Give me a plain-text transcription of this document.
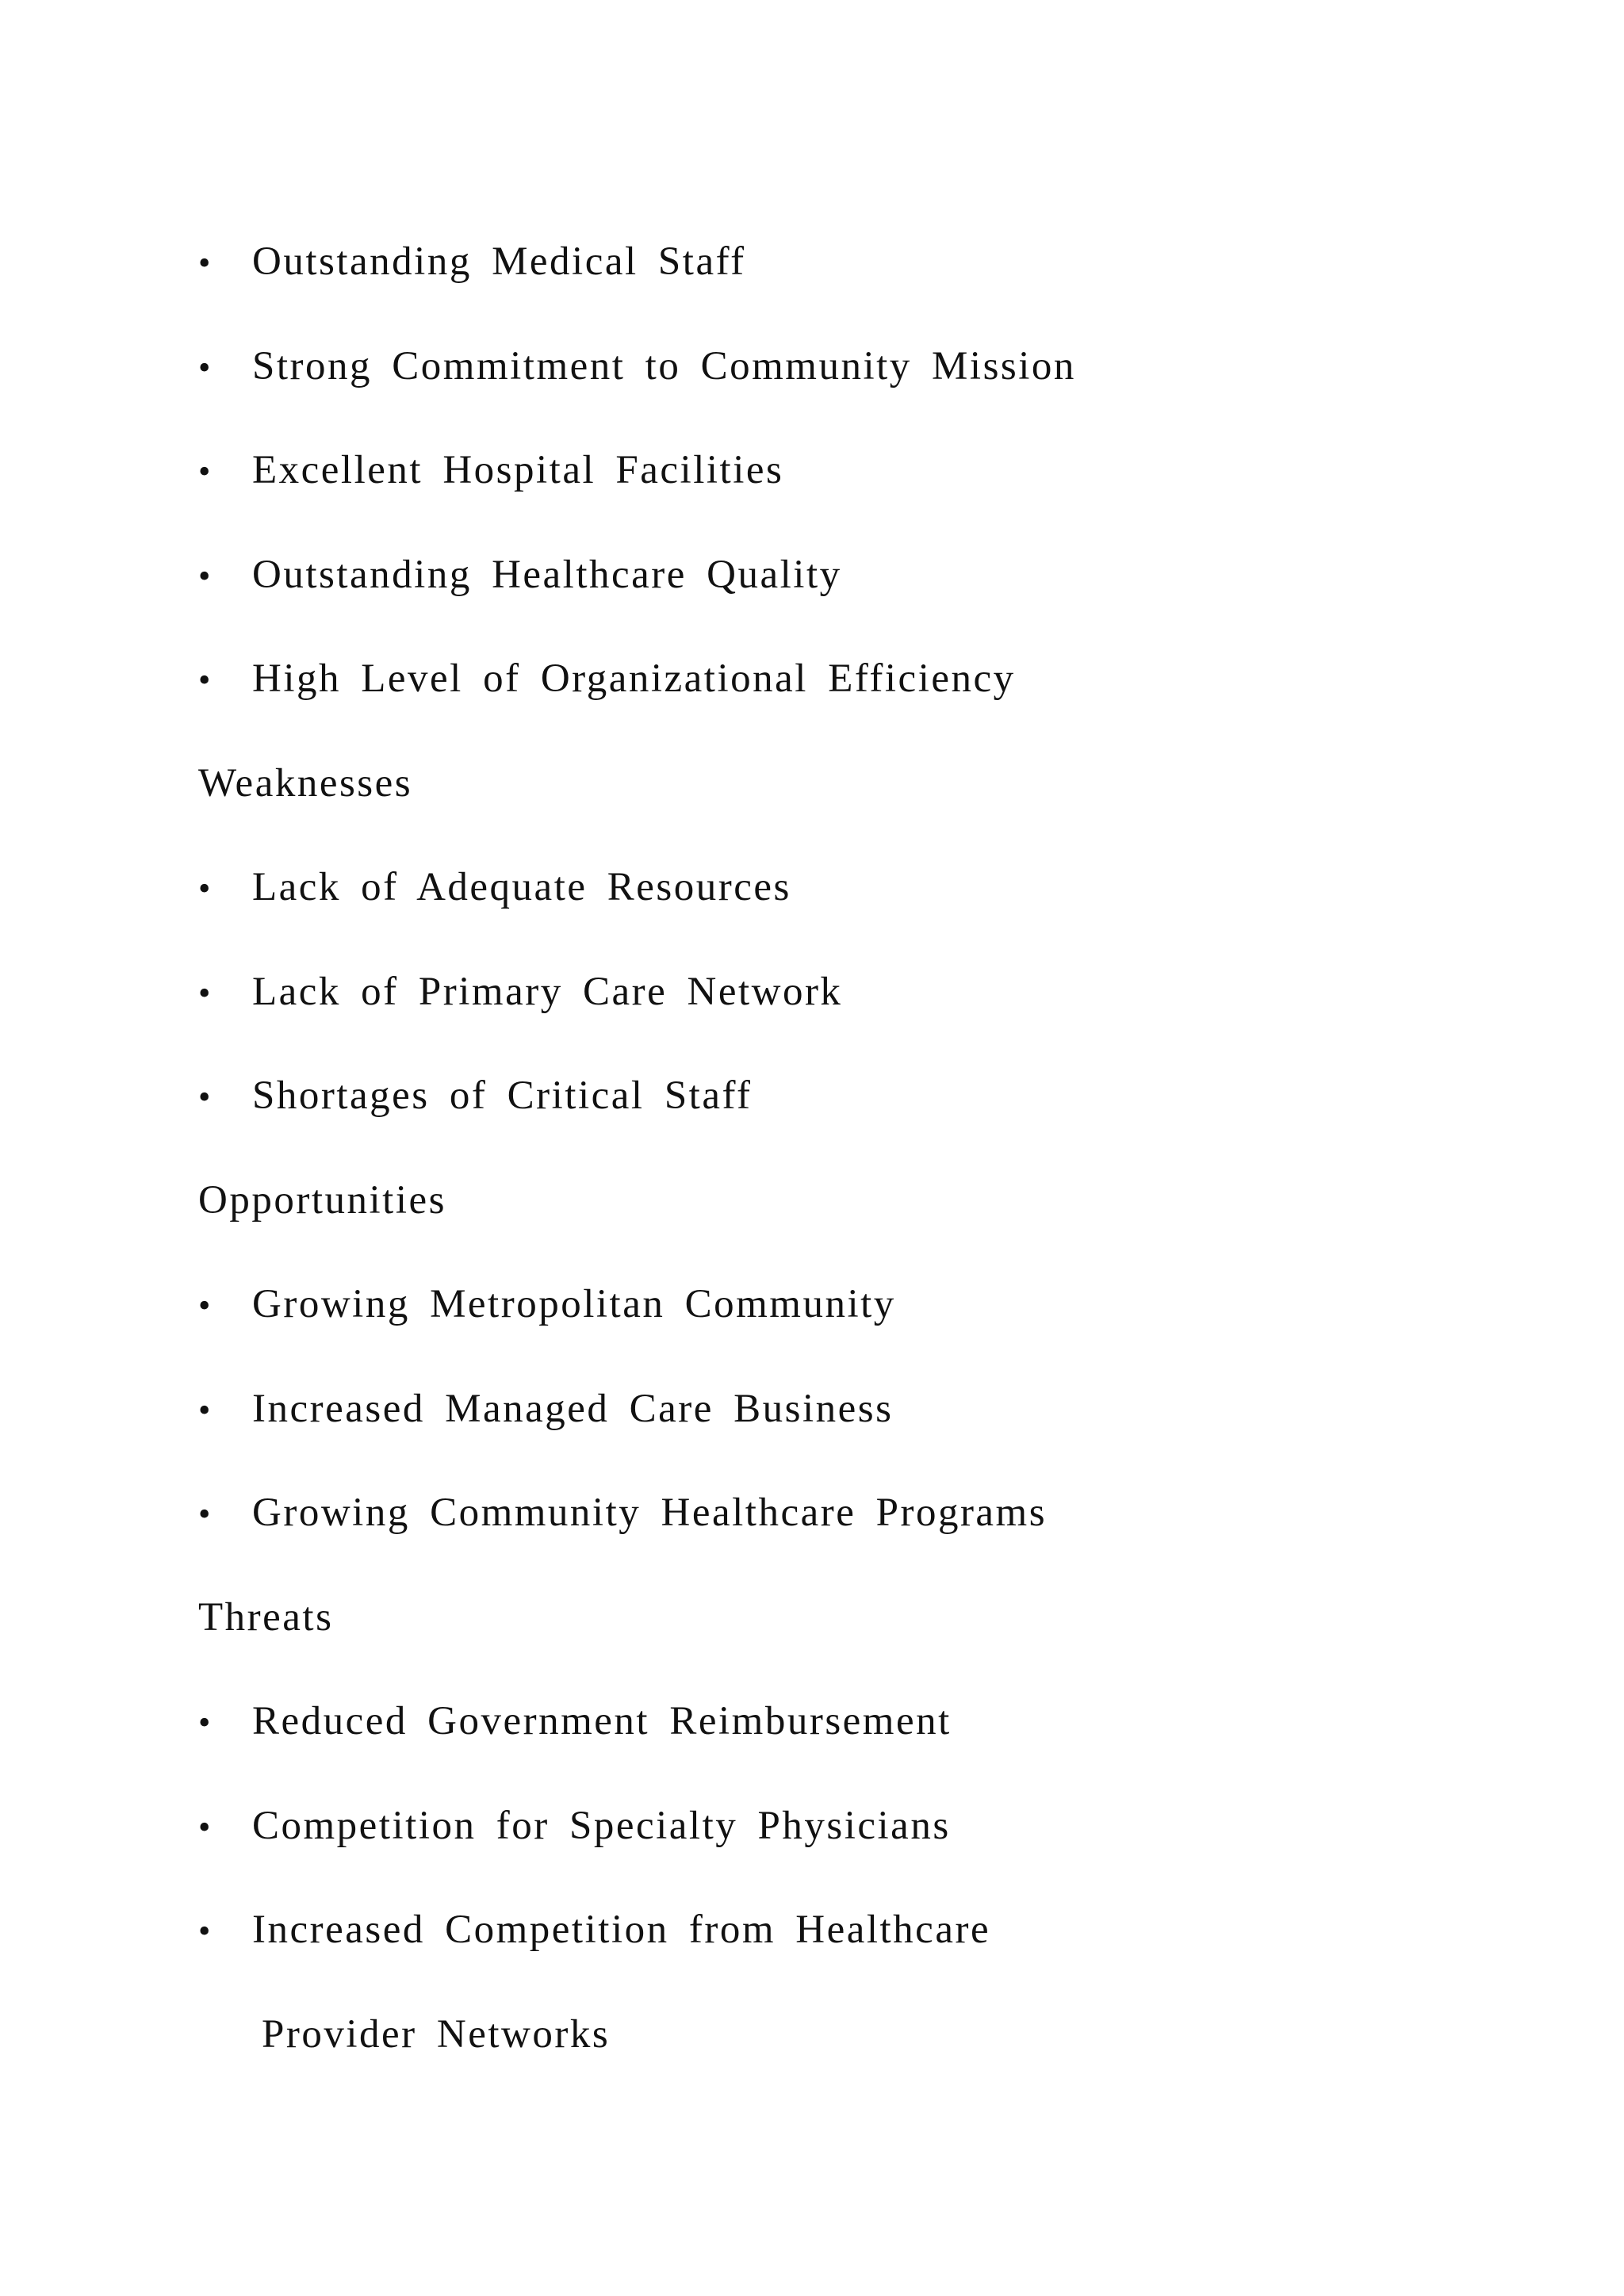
• Outstanding Medical Staff
• Strong Commitment to Community Mission
• Excellent Hospital Facilities
• Outstanding Healthcare Quality
• High Level of Organizational Efficiency
Weaknesses
• Lack of Adequate Resources
• Lack of Primary Care Network
• Shortages of Critical Staff
Opportunities
• Growing Metropolitan Community
• Increased Managed Care Business
• Growing Community Healthcare Programs
Threats
• Reduced Government Reimbursement
• Competition for Specialty Physicians
• Increased Competition from Healthcare
Provider Networks
